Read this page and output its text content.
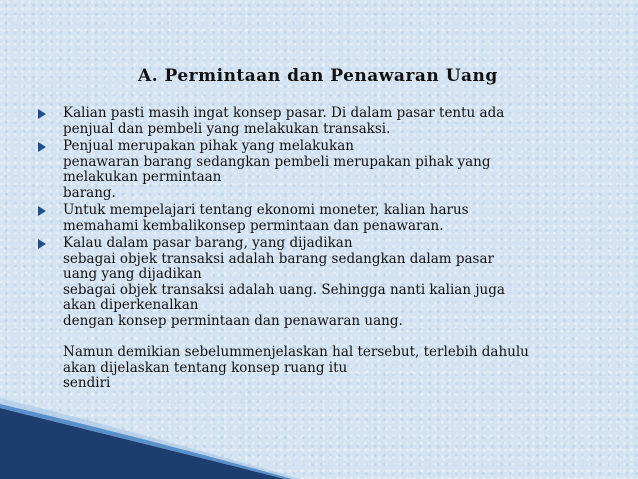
A. Permintaan dan Penawaran Uang
Kalian pasti masih ingat konsep pasar. Di dalam pasar tentu ada
penjual dan pembeli yang melakukan transaksi.
Penjual merupakan pihak yang melakukan
penawaran barang sedangkan pembeli merupakan pihak yang
melakukan permintaan
barang.
Untuk mempelajari tentang ekonomi moneter, kalian harus
memahami kembalikonsep permintaan dan penawaran.
Kalau dalam pasar barang, yang dijadikan
sebagai objek transaksi adalah barang sedangkan dalam pasar
uang yang dijadikan
sebagai objek transaksi adalah uang. Sehingga nanti kalian juga
akan diperkenalkan
dengan konsep permintaan dan penawaran uang.
Namun demikian sebelummenjelaskan hal tersebut, terlebih dahulu
akan dijelaskan tentang konsep ruang itu
sendiri
